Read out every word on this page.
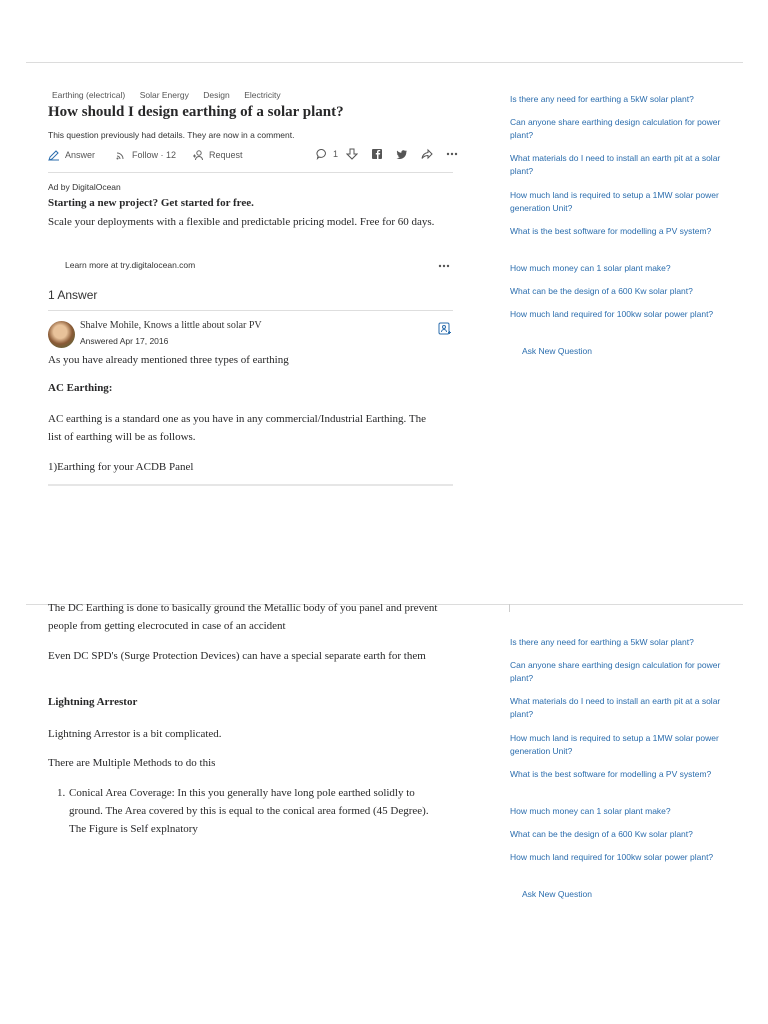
Earthing (electrical) Solar Energy Design Electricity
How should I design earthing of a solar plant?
This question previously had details. They are now in a comment.
Answer	Follow
· 12	Request	1
Ad by DigitalOcean
Starting a new project? Get started for free.
Scale your deployments with a flexible and predictable pricing model. Free for 60 days.
Learn more at try.digitalocean.com
1 Answer
Shalve Mohile, Knows a little about solar PV
Answered Apr 17, 2016
As you have already mentioned three types of earthing
AC Earthing:
AC earthing is a standard one as you have in any commercial/Industrial Earthing. The list of earthing will be as follows.
1)Earthing for your ACDB Panel
Is there any need for earthing a 5kW solar plant?
Can anyone share earthing design calculation for power plant?
What materials do I need to install an earth pit at a solar plant?
How much land is required to setup a 1MW solar power generation Unit?
What is the best software for modelling a PV system?
How much money can 1 solar plant make?
What can be the design of a 600 Kw solar plant?
How much land required for 100kw solar power plant?
Ask New Question
The DC Earthing is done to basically ground the Metallic body of you panel and prevent people from getting elecrocuted in case of an accident
Even DC SPD's (Surge Protection Devices) can have a special separate earth for them
Lightning Arrestor
Lightning Arrestor is a bit complicated.
There are Multiple Methods to do this
1. Conical Area Coverage: In this you generally have long pole earthed solidly to ground. The Area covered by this is equal to the conical area formed (45 Degree). The Figure is Self explnatory
Is there any need for earthing a 5kW solar plant?
Can anyone share earthing design calculation for power plant?
What materials do I need to install an earth pit at a solar plant?
How much land is required to setup a 1MW solar power generation Unit?
What is the best software for modelling a PV system?
How much money can 1 solar plant make?
What can be the design of a 600 Kw solar plant?
How much land required for 100kw solar power plant?
Ask New Question
